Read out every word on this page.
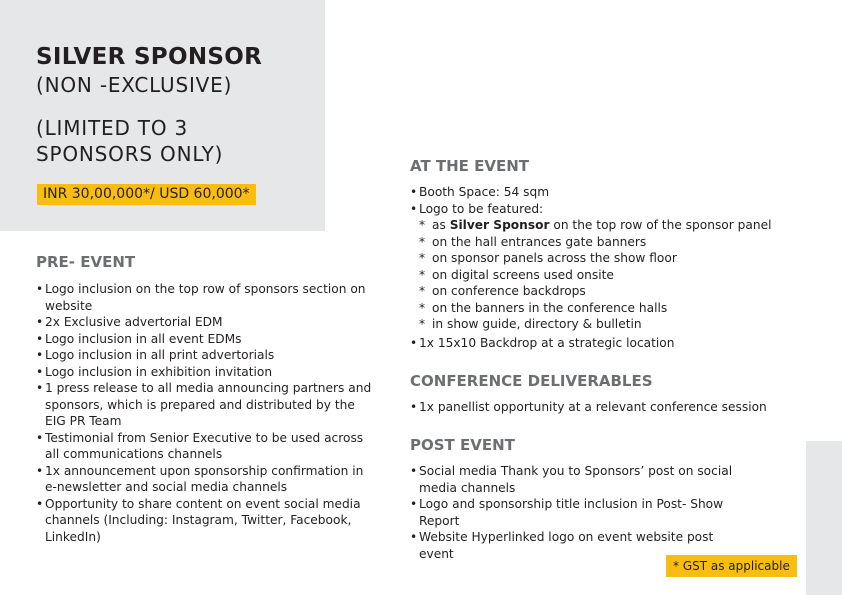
SILVER SPONSOR
(NON -EXCLUSIVE)
(LIMITED TO 3
SPONSORS ONLY)
INR 30,00,000*/ USD 60,000*
PRE- EVENT
• Logo inclusion on the top row of sponsors section on website
• 2x Exclusive advertorial EDM
• Logo inclusion in all event EDMs
• Logo inclusion in all print advertorials
• Logo inclusion in exhibition invitation
• 1 press release to all media announcing partners and sponsors, which is prepared and distributed by the EIG PR Team
• Testimonial from Senior Executive to be used across all communications channels
• 1x announcement upon sponsorship confirmation in e-newsletter and social media channels
• Opportunity to share content on event social media channels (Including: Instagram, Twitter, Facebook, LinkedIn)
AT THE EVENT
• Booth Space: 54 sqm
• Logo to be featured:
* as Silver Sponsor on the top row of the sponsor panel
* on the hall entrances gate banners
* on sponsor panels across the show floor
* on digital screens used onsite
* on conference backdrops
* on the banners in the conference halls
* in show guide, directory & bulletin
• 1x 15x10 Backdrop at a strategic location
CONFERENCE DELIVERABLES
• 1x panellist opportunity at a relevant conference session
POST EVENT
• Social media Thank you to Sponsors’ post on social media channels
• Logo and sponsorship title inclusion in Post- Show Report
• Website Hyperlinked logo on event website post event
* GST as applicable
